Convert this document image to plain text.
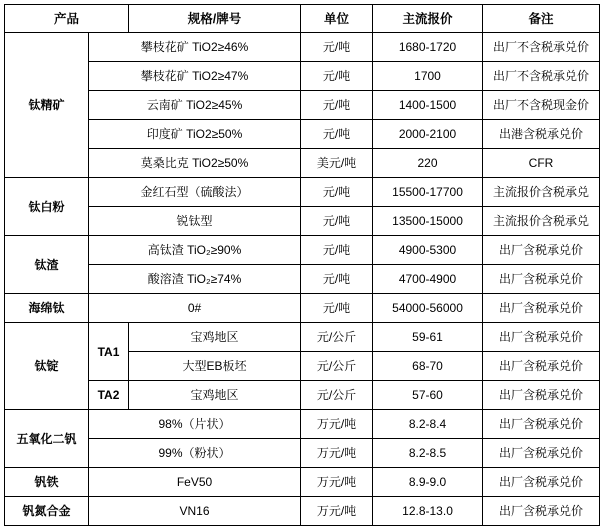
产品		规格/牌号	单位	主流报价	备注
钛精矿	攀枝花矿 TiO2≥46%		元/吨	1680-1720	出厂不含税承兑价
	攀枝花矿 TiO2≥47%		元/吨	1700	出厂不含税承兑价
	云南矿 TiO2≥45%		元/吨	1400-1500	出厂不含税现金价
	印度矿 TiO2≥50%		元/吨	2000-2100	出港含税承兑价
	莫桑比克 TiO2≥50%		美元/吨	220	CFR
钛白粉	金红石型（硫酸法）		元/吨	15500-17700	主流报价含税承兑
	锐钛型		元/吨	13500-15000	主流报价含税承兑
钛渣	高钛渣 TiO₂≥90%		元/吨	4900-5300	出厂含税承兑价
	酸溶渣 TiO₂≥74%		元/吨	4700-4900	出厂含税承兑价
海绵钛	0#		元/吨	54000-56000	出厂含税承兑价
钛锭	TA1	宝鸡地区	元/公斤	59-61	出厂含税承兑价
		大型EB板坯	元/公斤	68-70	出厂含税承兑价
	TA2	宝鸡地区	元/公斤	57-60	出厂含税承兑价
五氧化二钒	98%（片状）		万元/吨	8.2-8.4	出厂含税承兑价
	99%（粉状）		万元/吨	8.2-8.5	出厂含税承兑价
钒铁	FeV50		万元/吨	8.9-9.0	出厂含税承兑价
钒氮合金	VN16		万元/吨	12.8-13.0	出厂含税承兑价
